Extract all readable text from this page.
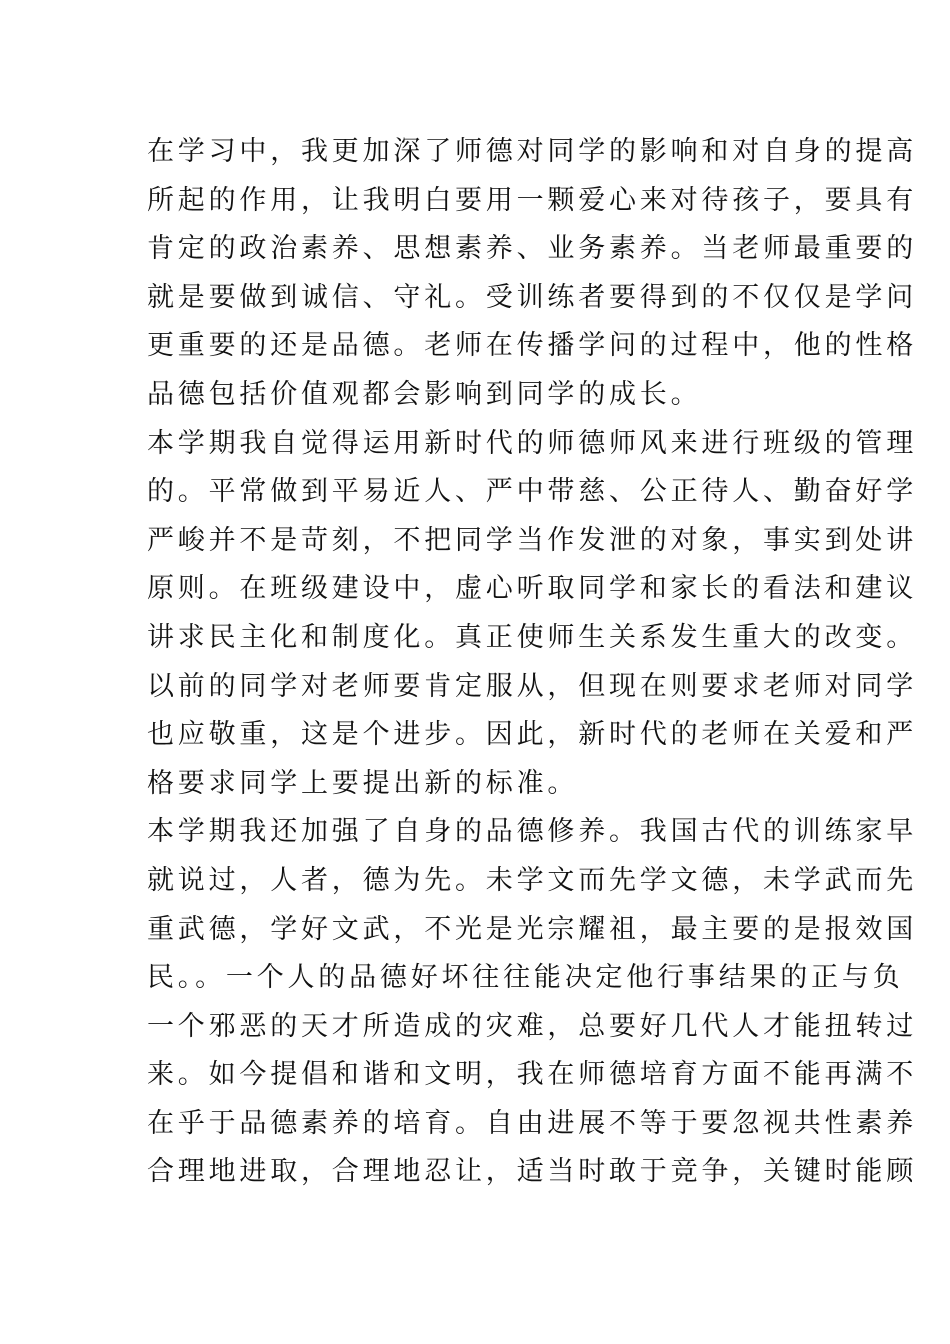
在学习中，我更加深了师德对同学的影响和对自身的提高
所起的作用，让我明白要用一颗爱心来对待孩子，要具有
肯定的政治素养、思想素养、业务素养。当老师最重要的
就是要做到诚信、守礼。受训练者要得到的不仅仅是学问
更重要的还是品德。老师在传播学问的过程中，他的性格
品德包括价值观都会影响到同学的成长。
本学期我自觉得运用新时代的师德师风来进行班级的管理
的。平常做到平易近人、严中带慈、公正待人、勤奋好学
严峻并不是苛刻，不把同学当作发泄的对象，事实到处讲
原则。在班级建设中，虚心听取同学和家长的看法和建议
讲求民主化和制度化。真正使师生关系发生重大的改变。
以前的同学对老师要肯定服从，但现在则要求老师对同学
也应敬重，这是个进步。因此，新时代的老师在关爱和严
格要求同学上要提出新的标准。
本学期我还加强了自身的品德修养。我国古代的训练家早
就说过，人者，德为先。未学文而先学文德，未学武而先
重武德，学好文武，不光是光宗耀祖，最主要的是报效国
民。。一个人的品德好坏往往能决定他行事结果的正与负
一个邪恶的天才所造成的灾难，总要好几代人才能扭转过
来。如今提倡和谐和文明，我在师德培育方面不能再满不
在乎于品德素养的培育。自由进展不等于要忽视共性素养
合理地进取，合理地忍让，适当时敢于竞争，关键时能顾
